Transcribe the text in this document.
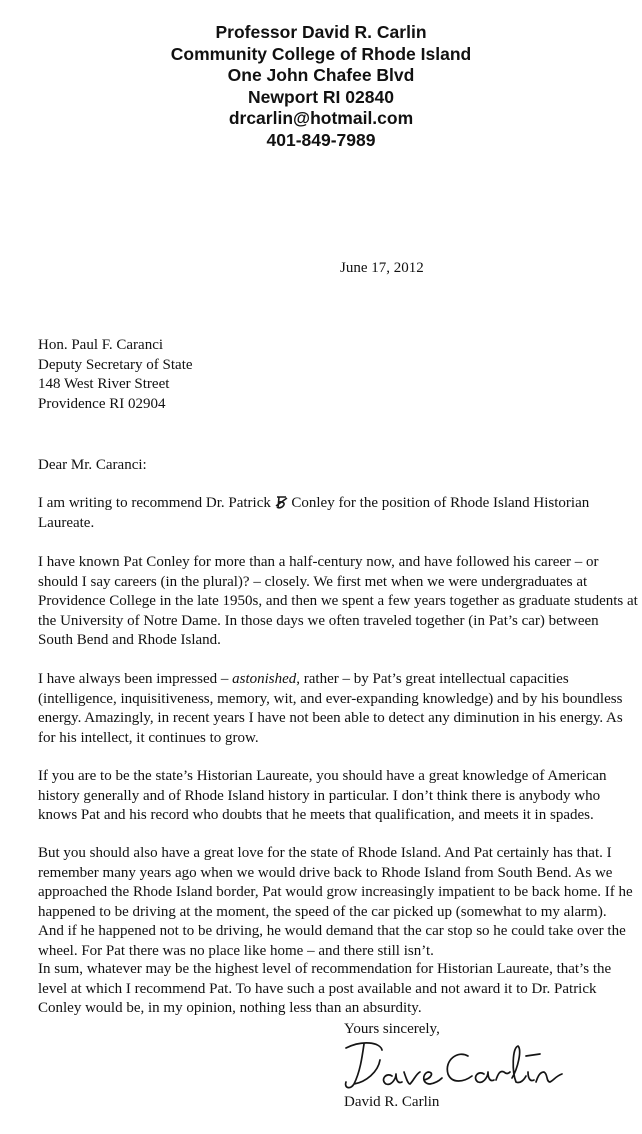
Professor David R. Carlin
Community College of Rhode Island
One John Chafee Blvd
Newport RI 02840
drcarlin@hotmail.com
401-849-7989
June 17, 2012
Hon. Paul F. Caranci
Deputy Secretary of State
148 West River Street
Providence RI 02904
Dear Mr. Caranci:
I am writing to recommend Dr. Patrick Conley for the position of Rhode Island Historian
Laureate.
I have known Pat Conley for more than a half-century now, and have followed his career – or
should I say careers (in the plural)? – closely. We first met when we were undergraduates at
Providence College in the late 1950s, and then we spent a few years together as graduate students at
the University of Notre Dame. In those days we often traveled together (in Pat’s car) between
South Bend and Rhode Island.
I have always been impressed – astonished, rather – by Pat’s great intellectual capacities
(intelligence, inquisitiveness, memory, wit, and ever-expanding knowledge) and by his boundless
energy. Amazingly, in recent years I have not been able to detect any diminution in his energy. As
for his intellect, it continues to grow.
If you are to be the state’s Historian Laureate, you should have a great knowledge of American
history generally and of Rhode Island history in particular. I don’t think there is anybody who
knows Pat and his record who doubts that he meets that qualification, and meets it in spades.
But you should also have a great love for the state of Rhode Island. And Pat certainly has that. I
remember many years ago when we would drive back to Rhode Island from South Bend. As we
approached the Rhode Island border, Pat would grow increasingly impatient to be back home. If he
happened to be driving at the moment, the speed of the car picked up (somewhat to my alarm).
And if he happened not to be driving, he would demand that the car stop so he could take over the
wheel. For Pat there was no place like home – and there still isn’t.
In sum, whatever may be the highest level of recommendation for Historian Laureate, that’s the
level at which I recommend Pat. To have such a post available and not award it to Dr. Patrick
Conley would be, in my opinion, nothing less than an absurdity.
Yours sincerely,
David R. Carlin
